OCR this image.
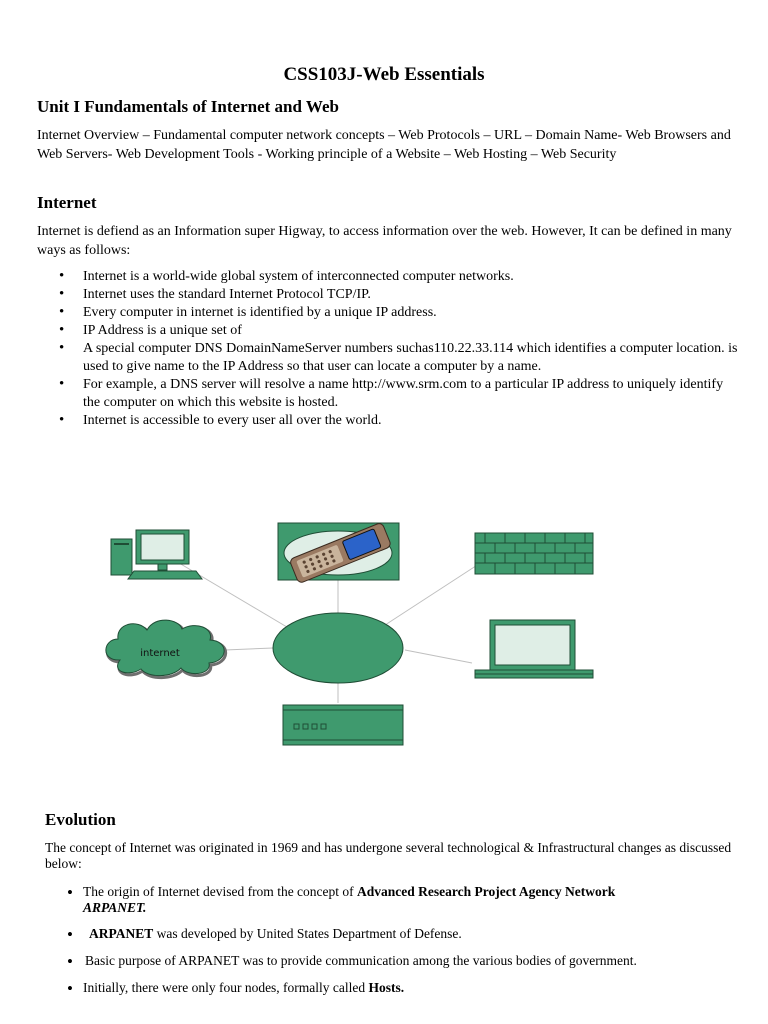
CSS103J-Web Essentials
Unit I Fundamentals of Internet and Web
Internet Overview – Fundamental computer network concepts – Web Protocols – URL – Domain Name- Web Browsers and Web Servers- Web Development Tools - Working principle of a Website – Web Hosting – Web Security
Internet
Internet is defiend as an Information super Higway, to access information over the web. However, It can be defined in many ways as follows:
• Internet is a world-wide global system of interconnected computer networks.
• Internet uses the standard Internet Protocol TCP/IP.
• Every computer in internet is identified by a unique IP address.
• IP Address is a unique set of
• A special computer DNS DomainNameServer numbers suchas110.22.33.114 which identifies a computer location. is used to give name to the IP Address so that user can locate a computer by a name.
• For example, a DNS server will resolve a name http://www.srm.com to a particular IP address to uniquely identify the computer on which this website is hosted.
• Internet is accessible to every user all over the world.
internet
Evolution
The concept of Internet was originated in 1969 and has undergone several technological & Infrastructural changes as discussed below:
• The origin of Internet devised from the concept of Advanced Research Project Agency Network
ARPANET.
• ARPANET was developed by United States Department of Defense.
• Basic purpose of ARPANET was to provide communication among the various bodies of government.
• Initially, there were only four nodes, formally called Hosts.
